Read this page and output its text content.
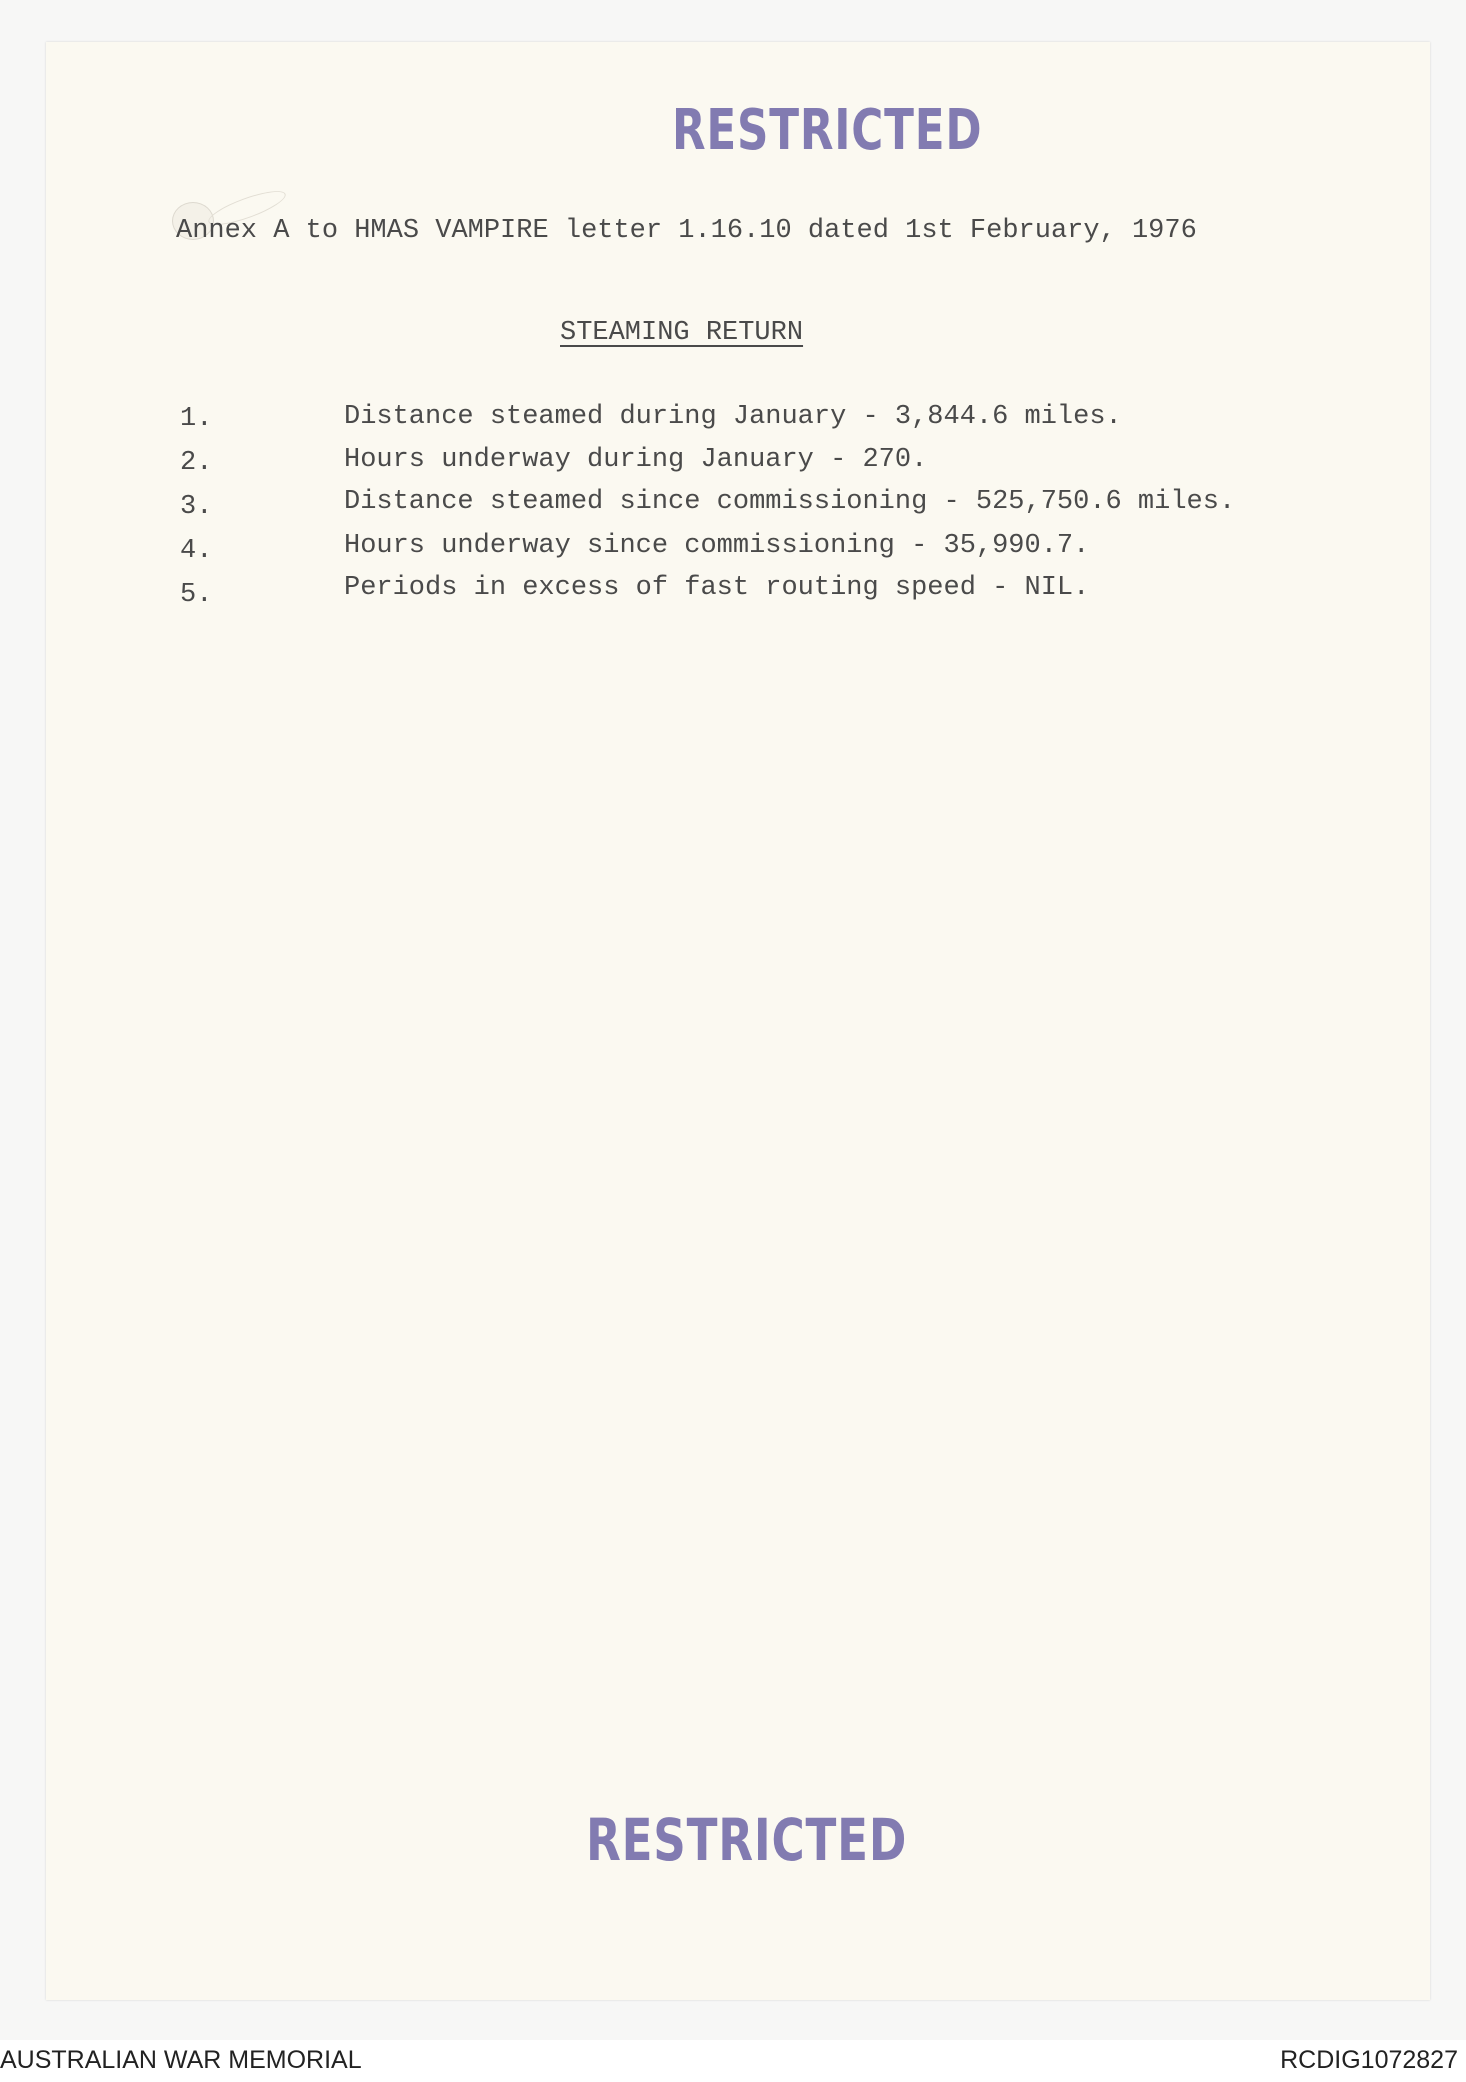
RESTRICTED
Annex A to HMAS VAMPIRE letter 1.16.10 dated 1st February, 1976
STEAMING RETURN
1.	Distance steamed during January - 3,844.6 miles.
2.	Hours underway during January - 270.
3.	Distance steamed since commissioning - 525,750.6 miles.
4.	Hours underway since commissioning - 35,990.7.
5.	Periods in excess of fast routing speed - NIL.
RESTRICTED
AUSTRALIAN WAR MEMORIAL	RCDIG1072827
